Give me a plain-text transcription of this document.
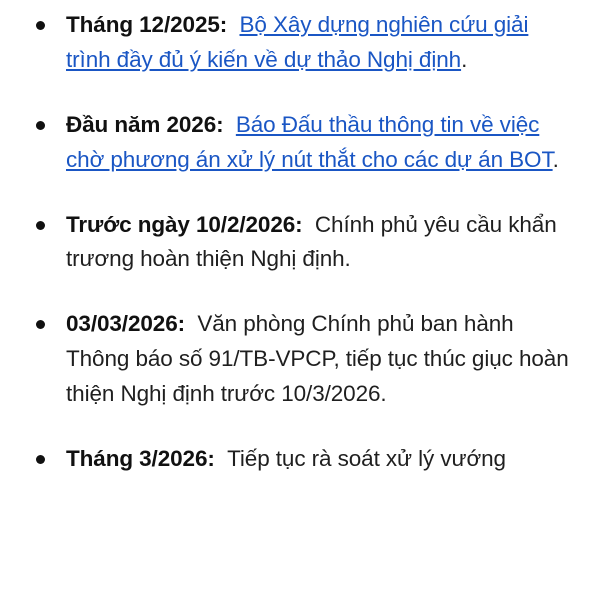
Tháng 12/2025: Bộ Xây dựng nghiên cứu giải trình đầy đủ ý kiến về dự thảo Nghị định.
Đầu năm 2026: Báo Đấu thầu thông tin về việc chờ phương án xử lý nút thắt cho các dự án BOT.
Trước ngày 10/2/2026: Chính phủ yêu cầu khẩn trương hoàn thiện Nghị định.
03/03/2026: Văn phòng Chính phủ ban hành Thông báo số 91/TB-VPCP, tiếp tục thúc giục hoàn thiện Nghị định trước 10/3/2026.
Tháng 3/2026: Tiếp tục rà soát xử lý vướng
